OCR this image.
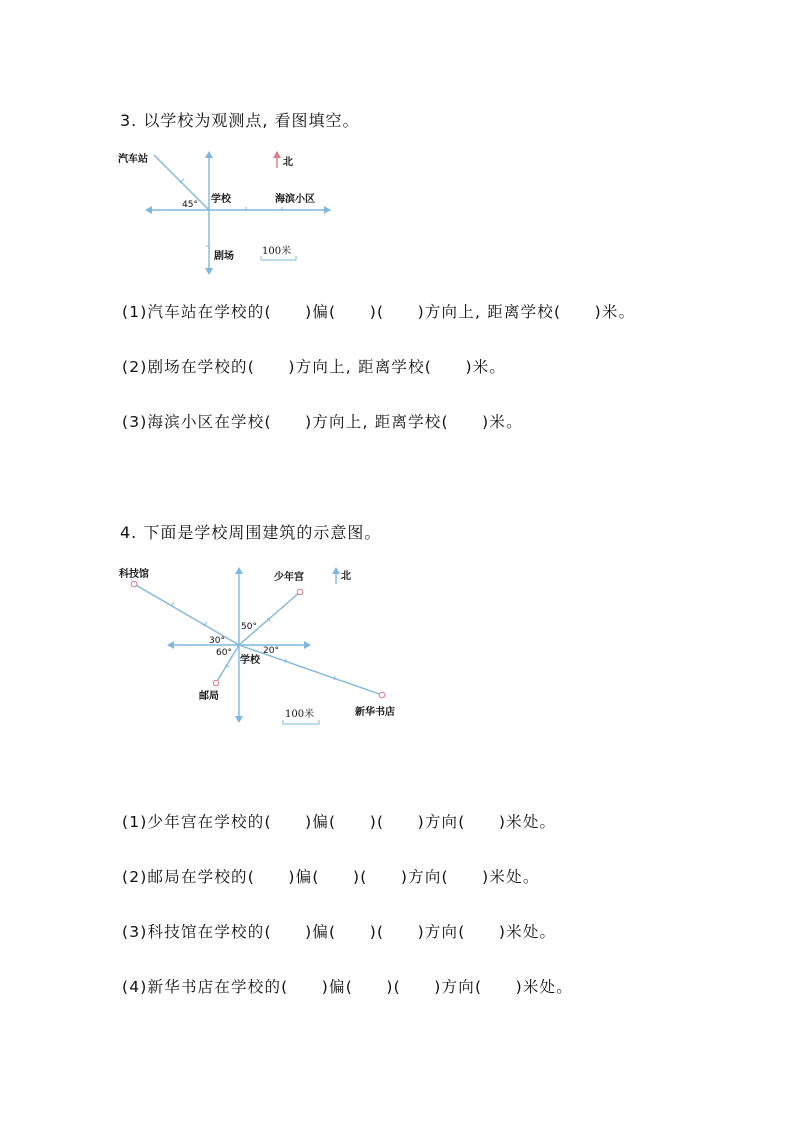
3. 以学校为观测点, 看图填空。
汽车站	北
学校	海滨小区
45°
剧场	100米
(1)汽车站在学校的(　　)偏(　　)(　　)方向上, 距离学校(　　)米。
(2)剧场在学校的(　　)方向上, 距离学校(　　)米。
(3)海滨小区在学校(　　)方向上, 距离学校(　　)米。
4. 下面是学校周围建筑的示意图。
科技馆	少年宫	北
50°
30°
60°	20°
学校
邮局
新华书店
100米
(1)少年宫在学校的(　　)偏(　　)(　　)方向(　　)米处。
(2)邮局在学校的(　　)偏(　　)(　　)方向(　　)米处。
(3)科技馆在学校的(　　)偏(　　)(　　)方向(　　)米处。
(4)新华书店在学校的(　　)偏(　　)(　　)方向(　　)米处。
